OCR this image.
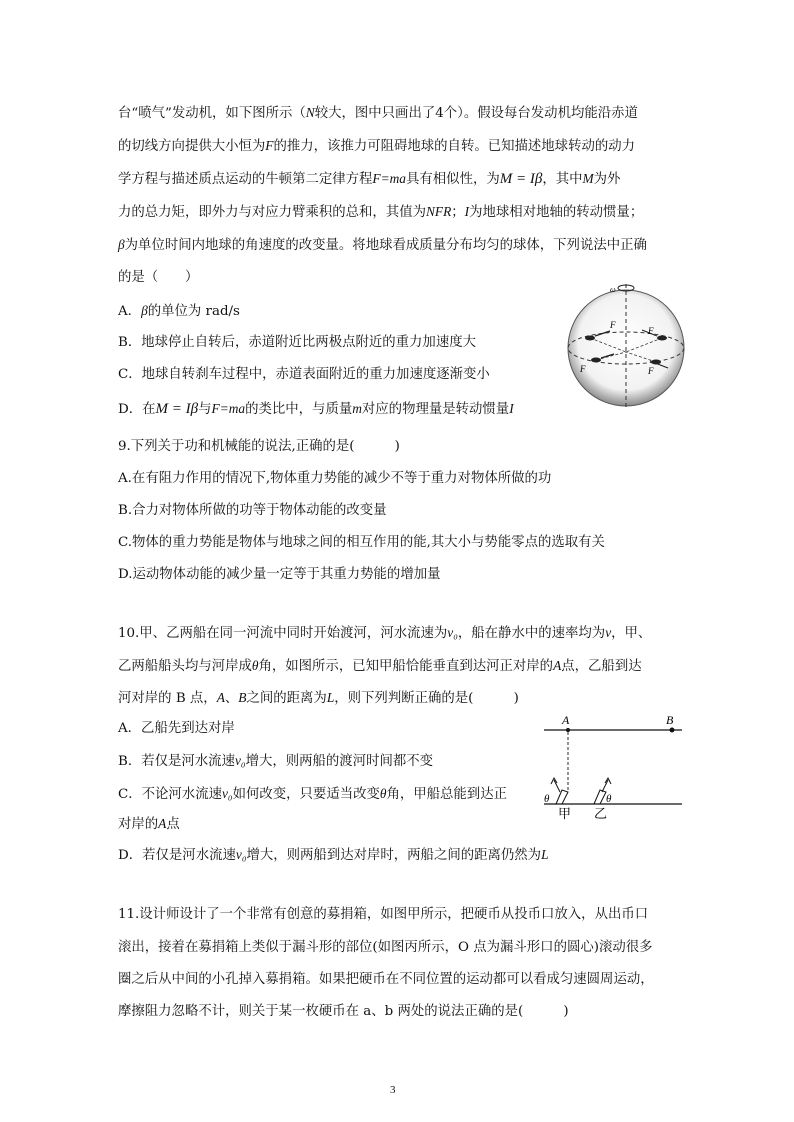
台“喷气”发动机，如下图所示（N较大，图中只画出了4个）。假设每台发动机均能沿赤道
的切线方向提供大小恒为F的推力，该推力可阻碍地球的自转。已知描述地球转动的动力
学方程与描述质点运动的牛顿第二定律方程F=ma具有相似性，为M = Iβ，其中M为外
力的总力矩，即外力与对应力臂乘积的总和，其值为NFR；I为地球相对地轴的转动惯量；
β为单位时间内地球的角速度的改变量。将地球看成质量分布均匀的球体，下列说法中正确
的是（　　）
A．β的单位为 rad/s
B．地球停止自转后，赤道附近比两极点附近的重力加速度大
C．地球自转刹车过程中，赤道表面附近的重力加速度逐渐变小
D．在M = Iβ与F=ma的类比中，与质量m对应的物理量是转动惯量I
ω
F
F
F	F
9.下列关于功和机械能的说法,正确的是(　　　)
A.在有阻力作用的情况下,物体重力势能的减少不等于重力对物体所做的功
B.合力对物体所做的功等于物体动能的改变量
C.物体的重力势能是物体与地球之间的相互作用的能,其大小与势能零点的选取有关
D.运动物体动能的减少量一定等于其重力势能的增加量
10.甲、乙两船在同一河流中同时开始渡河，河水流速为v₀，船在静水中的速率均为v，甲、
乙两船船头均与河岸成θ角，如图所示，已知甲船恰能垂直到达河正对岸的A点，乙船到达
河对岸的 B 点，A、B之间的距离为L，则下列判断正确的是(　　　)
A．乙船先到达对岸
B．若仅是河水流速v₀增大，则两船的渡河时间都不变
C．不论河水流速v₀如何改变，只要适当改变θ角，甲船总能到达正
对岸的A点
D．若仅是河水流速v₀增大，则两船到达对岸时，两船之间的距离仍然为L
A	B
θ	θ
甲 乙
11.设计师设计了一个非常有创意的募捐箱，如图甲所示，把硬币从投币口放入，从出币口
滚出，接着在募捐箱上类似于漏斗形的部位(如图丙所示，O 点为漏斗形口的圆心)滚动很多
圈之后从中间的小孔掉入募捐箱。如果把硬币在不同位置的运动都可以看成匀速圆周运动，
摩擦阻力忽略不计，则关于某一枚硬币在 a、b 两处的说法正确的是(　　　)
3
